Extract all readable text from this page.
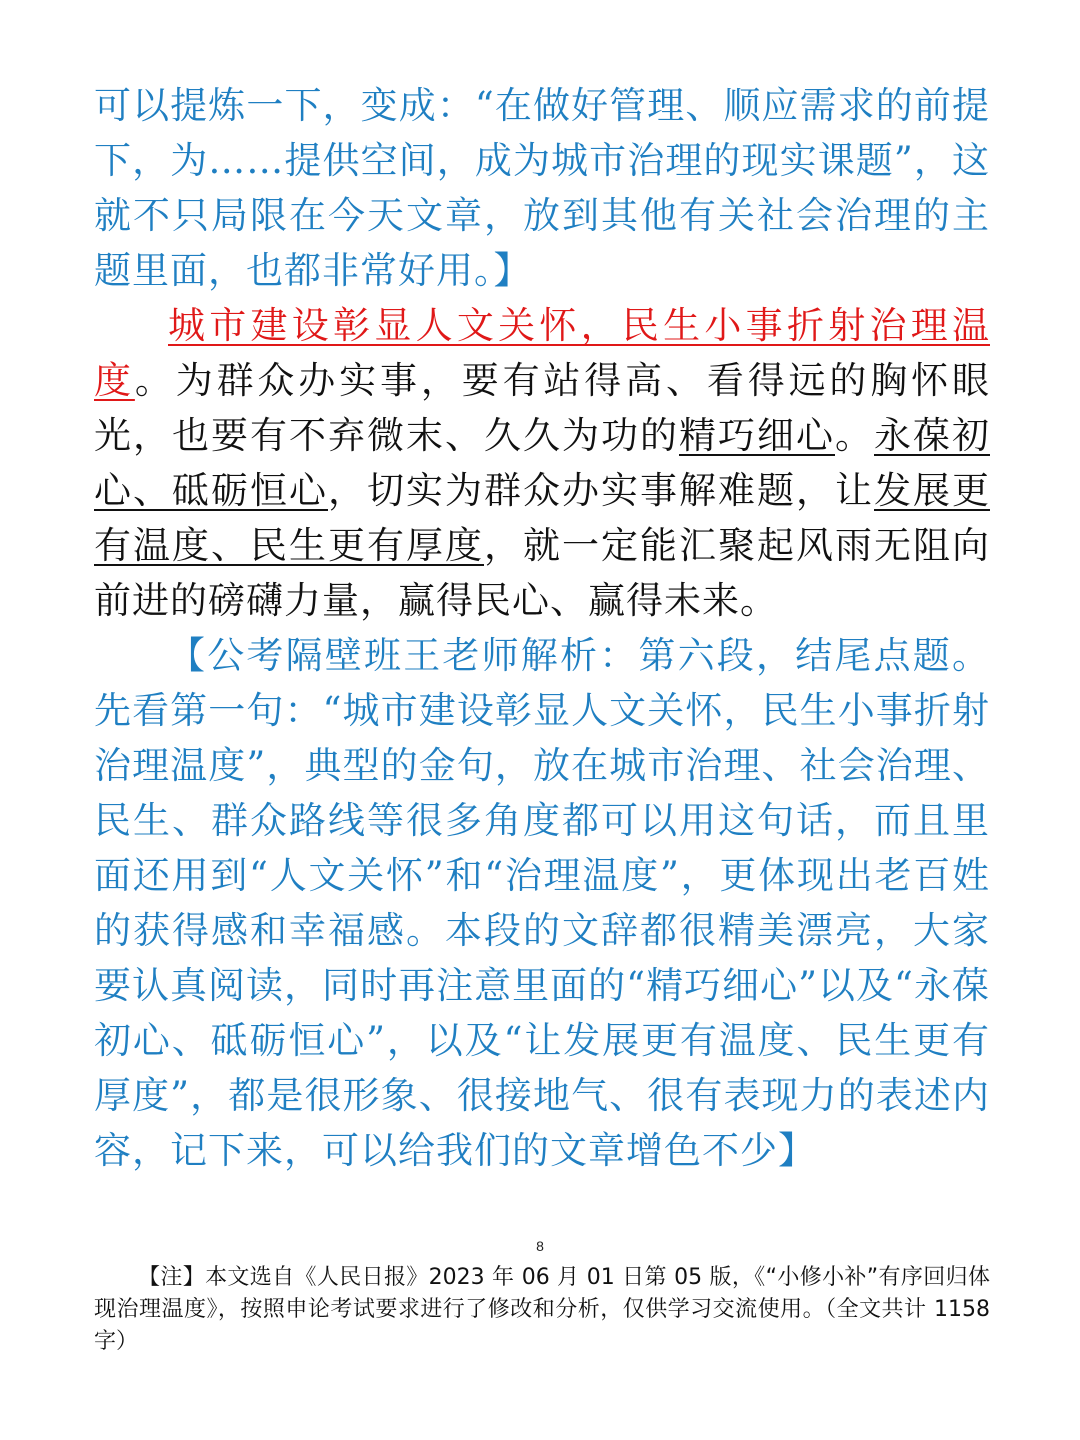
可以提炼一下，变成：“在做好管理、顺应需求的前提下，为……提供空间，成为城市治理的现实课题”，这就不只局限在今天文章，放到其他有关社会治理的主题里面，也都非常好用。】

城市建设彰显人文关怀，民生小事折射治理温度。为群众办实事，要有站得高、看得远的胸怀眼光，也要有不弃微末、久久为功的精巧细心。永葆初心、砥砺恒心，切实为群众办实事解难题，让发展更有温度、民生更有厚度，就一定能汇聚起风雨无阻向前进的磅礴力量，赢得民心、赢得未来。

【公考隔壁班王老师解析：第六段，结尾点题。先看第一句：“城市建设彰显人文关怀，民生小事折射治理温度”，典型的金句，放在城市治理、社会治理、民生、群众路线等很多角度都可以用这句话，而且里面还用到“人文关怀”和“治理温度”，更体现出老百姓的获得感和幸福感。本段的文辞都很精美漂亮，大家要认真阅读，同时再注意里面的“精巧细心”以及“永葆初心、砥砺恒心”，以及“让发展更有温度、民生更有厚度”，都是很形象、很接地气、很有表现力的表述内容，记下来，可以给我们的文章增色不少】

8

【注】本文选自《人民日报》2023 年 06 月 01 日第 05 版，《“小修小补”有序回归体现治理温度》，按照申论考试要求进行了修改和分析，仅供学习交流使用。（全文共计 1158 字）
